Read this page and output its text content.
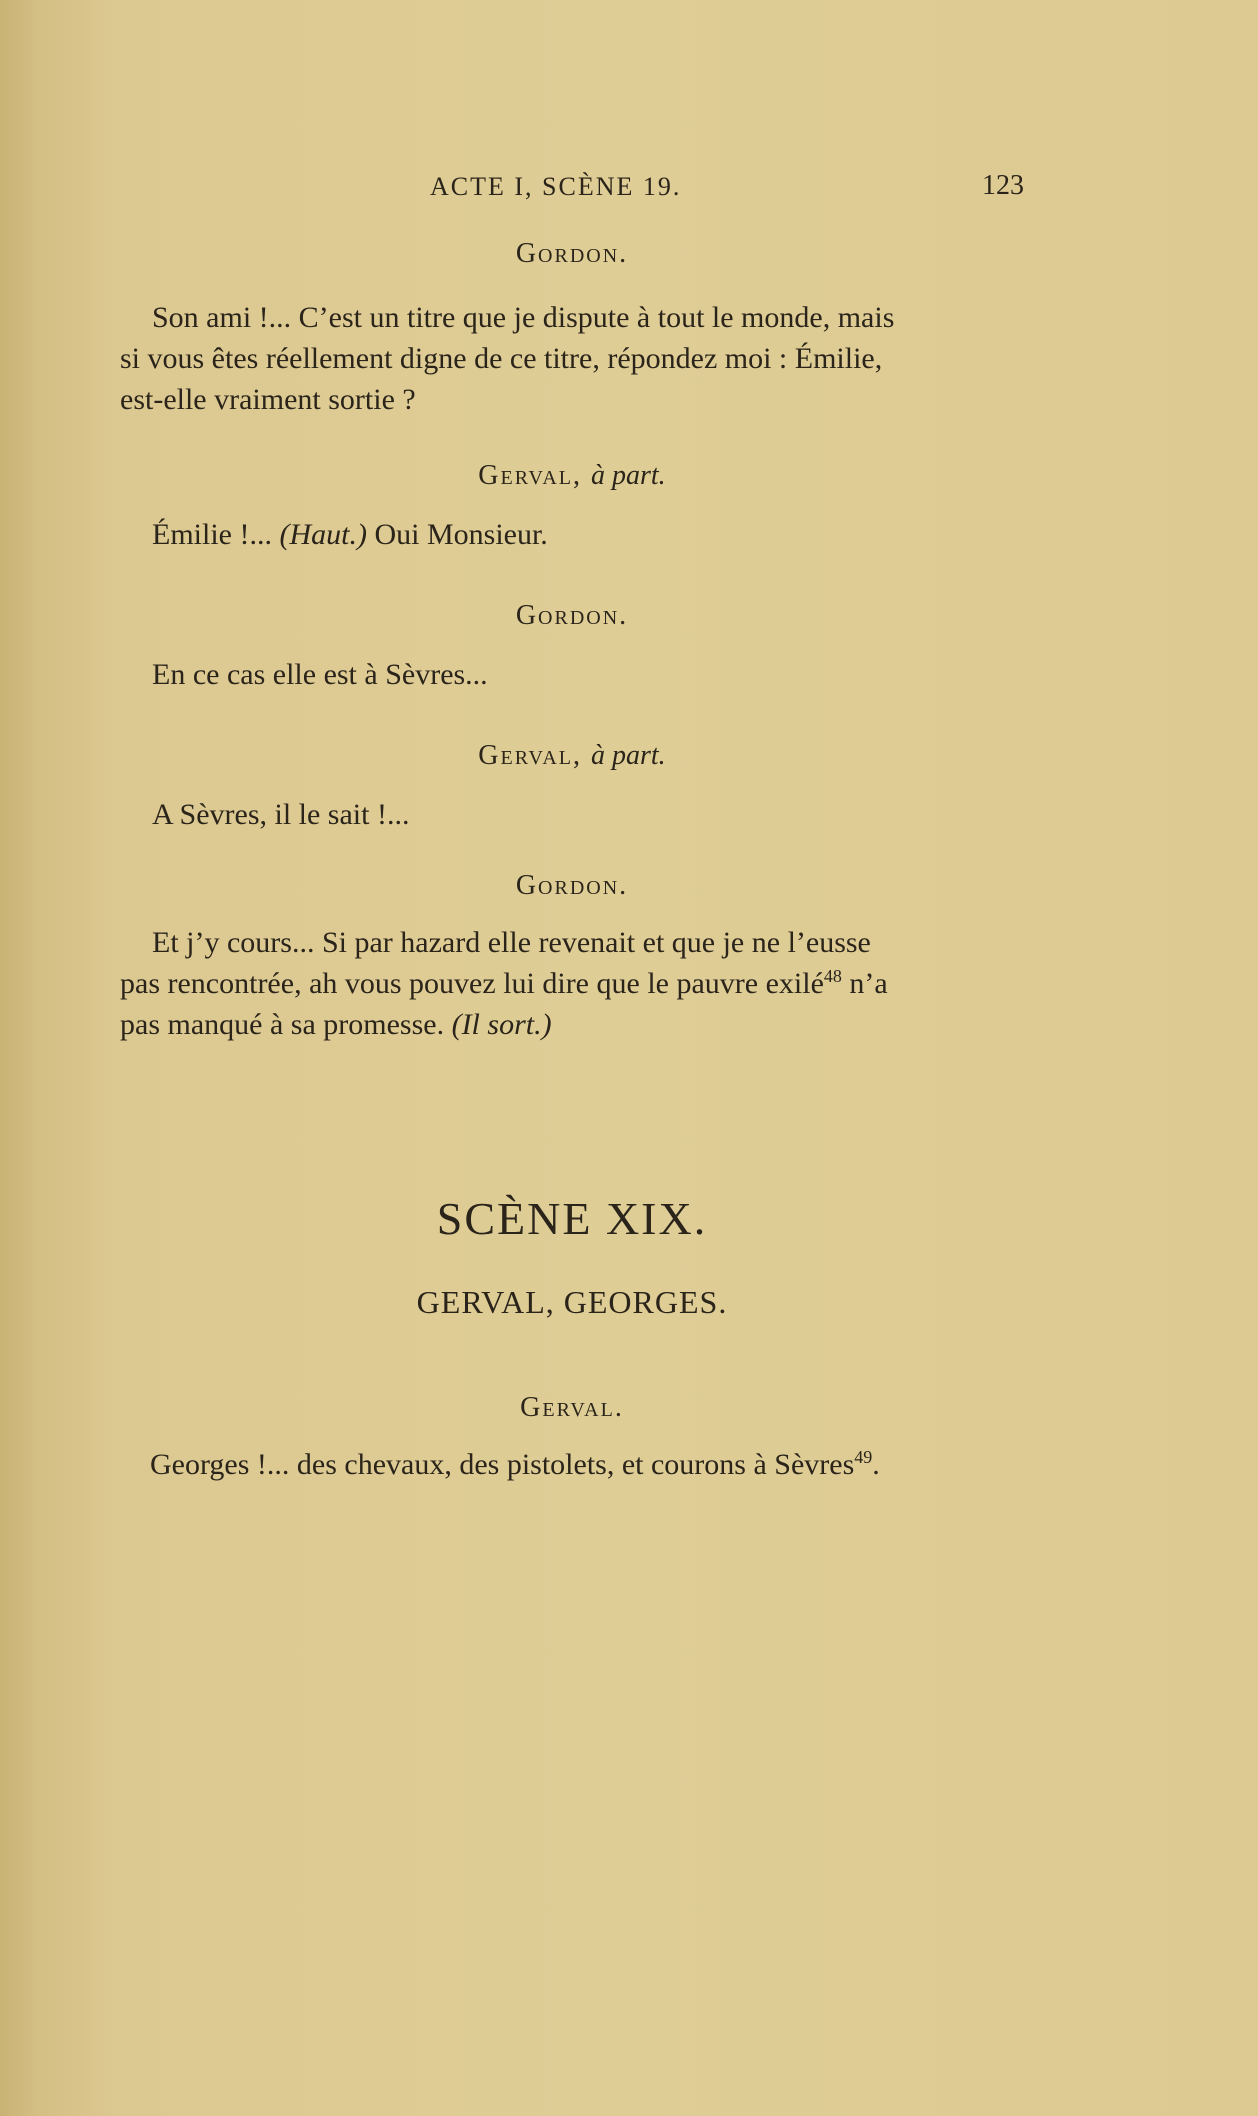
ACTE I, SCÈNE 19.	123
Gordon.

Son ami !... C’est un titre que je dispute à tout le monde, mais

si vous êtes réellement digne de ce titre, répondez moi : Émilie,

est-elle vraiment sortie ?

Gerval, à part.

Émilie !... (Haut.) Oui Monsieur.

Gordon.

En ce cas elle est à Sèvres...

Gerval, à part.

A Sèvres, il le sait !...

Gordon.

Et j’y cours... Si par hazard elle revenait et que je ne l’eusse

pas rencontrée, ah vous pouvez lui dire que le pauvre exilé$^{48}$ n’a

pas manqué à sa promesse. (Il sort.)

SCÈNE XIX.
GERVAL, GEORGES.
Gerval.

Georges !... des chevaux, des pistolets, et courons à Sèvres$^{49}$.
